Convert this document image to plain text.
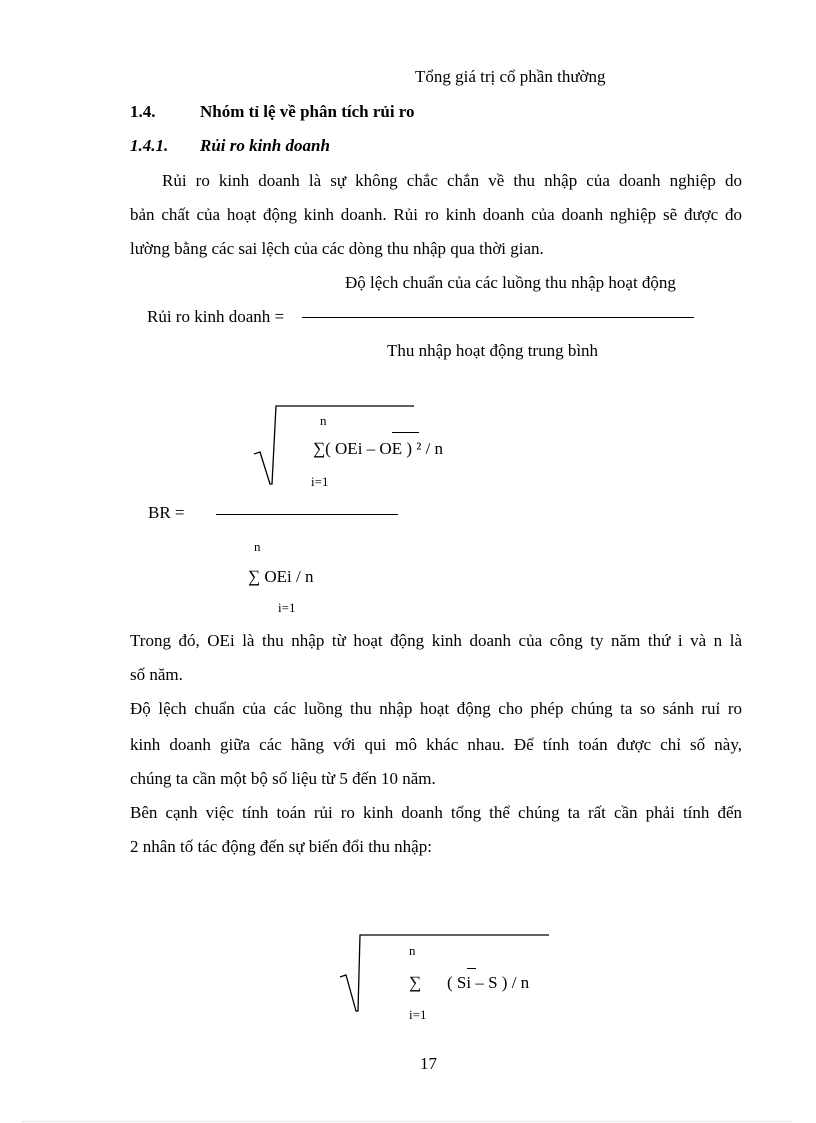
Tổng giá trị cổ phần thường
1.4.	Nhóm tỉ lệ về phân tích rủi ro
1.4.1. Rủi ro kinh doanh
Rủi ro kinh doanh là sự không chắc chắn về thu nhập của doanh nghiệp do
bản chất của hoạt động kinh doanh. Rủi ro kinh doanh của doanh nghiệp sẽ được đo
lường bằng các sai lệch của các dòng thu nhập qua thời gian.
Độ lệch chuẩn của các luồng thu nhập hoạt động
Rủi ro kinh doanh =
Thu nhập hoạt động trung bình
n
∑( OEi – OE ) ² / n
i=1
BR =
n
∑ OEi / n
i=1
Trong đó, OEi là thu nhập từ hoạt động kinh doanh của công ty năm thứ i và n là
số năm.
Độ lệch chuẩn của các luồng thu nhập hoạt động cho phép chúng ta so sánh ruỉ ro
kinh doanh giữa các hãng với qui mô khác nhau. Để tính toán được chỉ số này,
chúng ta cần một bộ số liệu từ 5 đến 10 năm.
Bên cạnh việc tính toán rủi ro kinh doanh tổng thể chúng ta rất cần phải tính đến
2 nhân tố tác động đến sự biến đổi thu nhập:
n
∑ ( Si – S ) / n
i=1
17
